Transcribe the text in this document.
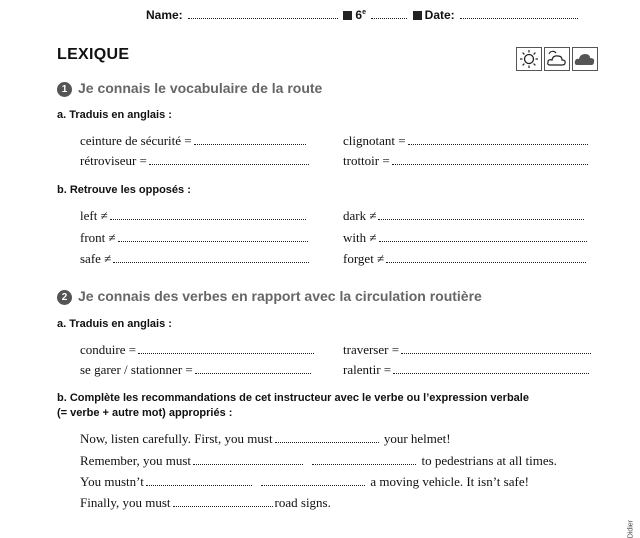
Name:	6e	Date:
LEXIQUE
1 Je connais le vocabulaire de la route
a. Traduis en anglais :
ceinture de sécurité =	clignotant =
rétroviseur =	trottoir =
b. Retrouve les opposés :
left ≠	dark ≠
front ≠	with ≠
safe ≠	forget ≠
2 Je connais des verbes en rapport avec la circulation routière
a. Traduis en anglais :
conduire =	traverser =
se garer / stationner =	ralentir =
b. Complète les recommandations de cet instructeur avec le verbe ou l’expression verbale
(= verbe + autre mot) appropriés :
Now, listen carefully. First, you must	your helmet!
Remember, you must	to pedestrians at all times.
You mustn’t	a moving vehicle. It isn’t safe!
Finally, you must	road signs.
Didier
